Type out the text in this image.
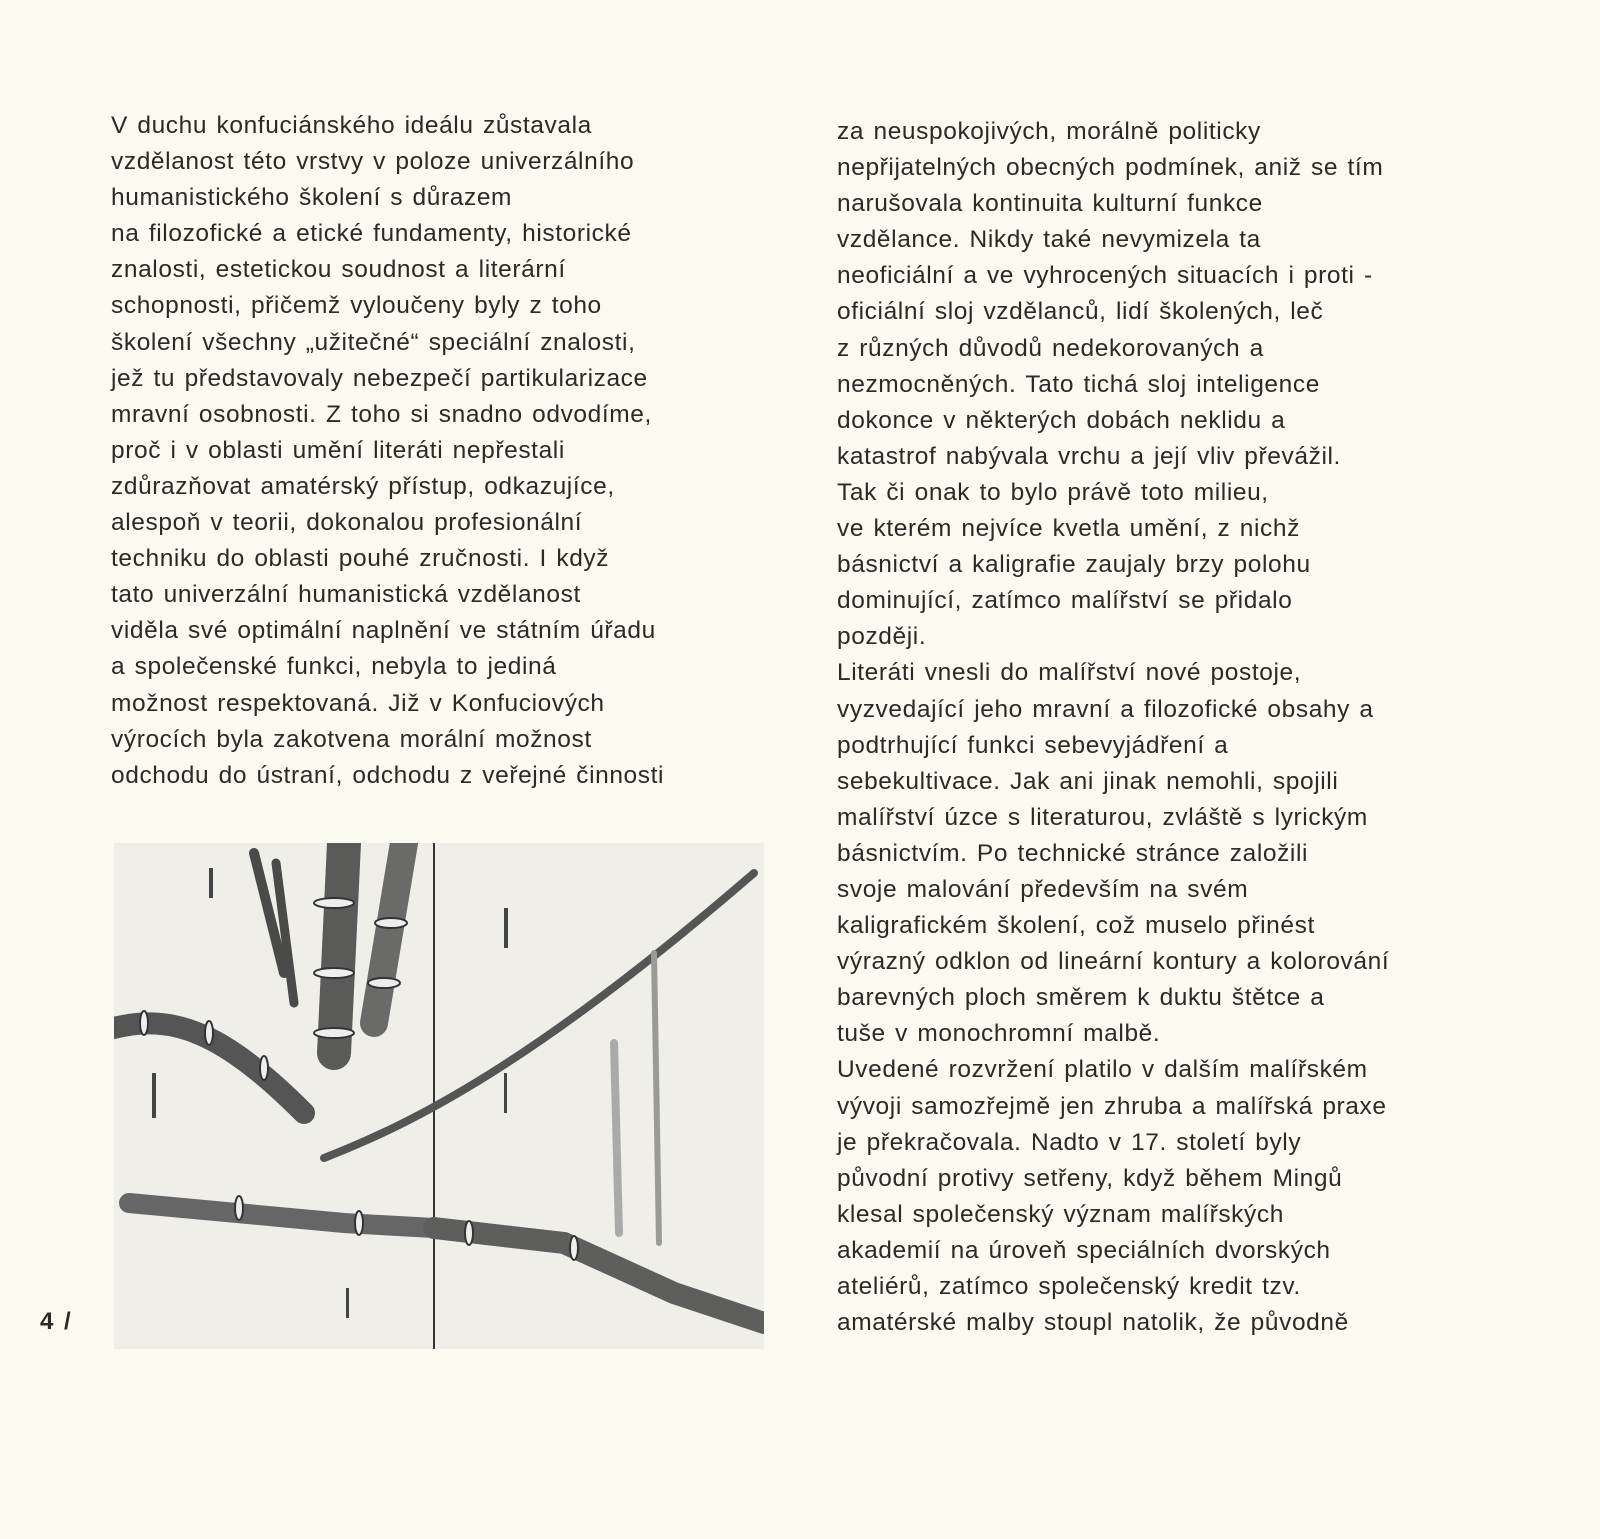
V duchu konfuciánského ideálu zůstavala
vzdělanost této vrstvy v poloze univerzálního
humanistického školení s důrazem
na filozofické a etické fundamenty, historické
znalosti, estetickou soudnost a literární
schopnosti, přičemž vyloučeny byly z toho
školení všechny „užitečné“ speciální znalosti,
jež tu představovaly nebezpečí partikularizace
mravní osobnosti. Z toho si snadno odvodíme,
proč i v oblasti umění literáti nepřestali
zdůrazňovat amatérský přístup, odkazujíce,
alespoň v teorii, dokonalou profesionální
techniku do oblasti pouhé zručnosti. I když
tato univerzální humanistická vzdělanost
viděla své optimální naplnění ve státním úřadu
a společenské funkci, nebyla to jediná
možnost respektovaná. Již v Konfuciových
výrocích byla zakotvena morální možnost
odchodu do ústraní, odchodu z veřejné činnosti
za neuspokojivých, morálně politicky
nepřijatelných obecných podmínek, aniž se tím
narušovala kontinuita kulturní funkce
vzdělance. Nikdy také nevymizela ta
neoficiální a ve vyhrocených situacích i proti -
oficiální sloj vzdělanců, lidí školených, leč
z různých důvodů nedekorovaných a
nezmocněných. Tato tichá sloj inteligence
dokonce v některých dobách neklidu a
katastrof nabývala vrchu a její vliv převážil.
Tak či onak to bylo právě toto milieu,
ve kterém nejvíce kvetla umění, z nichž
básnictví a kaligrafie zaujaly brzy polohu
dominující, zatímco malířství se přidalo
později.
Literáti vnesli do malířství nové postoje,
vyzvedající jeho mravní a filozofické obsahy a
podtrhující funkci sebevyjádření a
sebekultivace. Jak ani jinak nemohli, spojili
malířství úzce s literaturou, zvláště s lyrickým
básnictvím. Po technické stránce založili
svoje malování především na svém
kaligrafickém školení, což muselo přinést
výrazný odklon od lineární kontury a kolorování
barevných ploch směrem k duktu štětce a
tuše v monochromní malbě.
Uvedené rozvržení platilo v dalším malířském
vývoji samozřejmě jen zhruba a malířská praxe
je překračovala. Nadto v 17. století byly
původní protivy setřeny, když během Mingů
klesal společenský význam malířských
akademií na úroveň speciálních dvorských
ateliérů, zatímco společenský kredit tzv.
amatérské malby stoupl natolik, že původně
4 /
